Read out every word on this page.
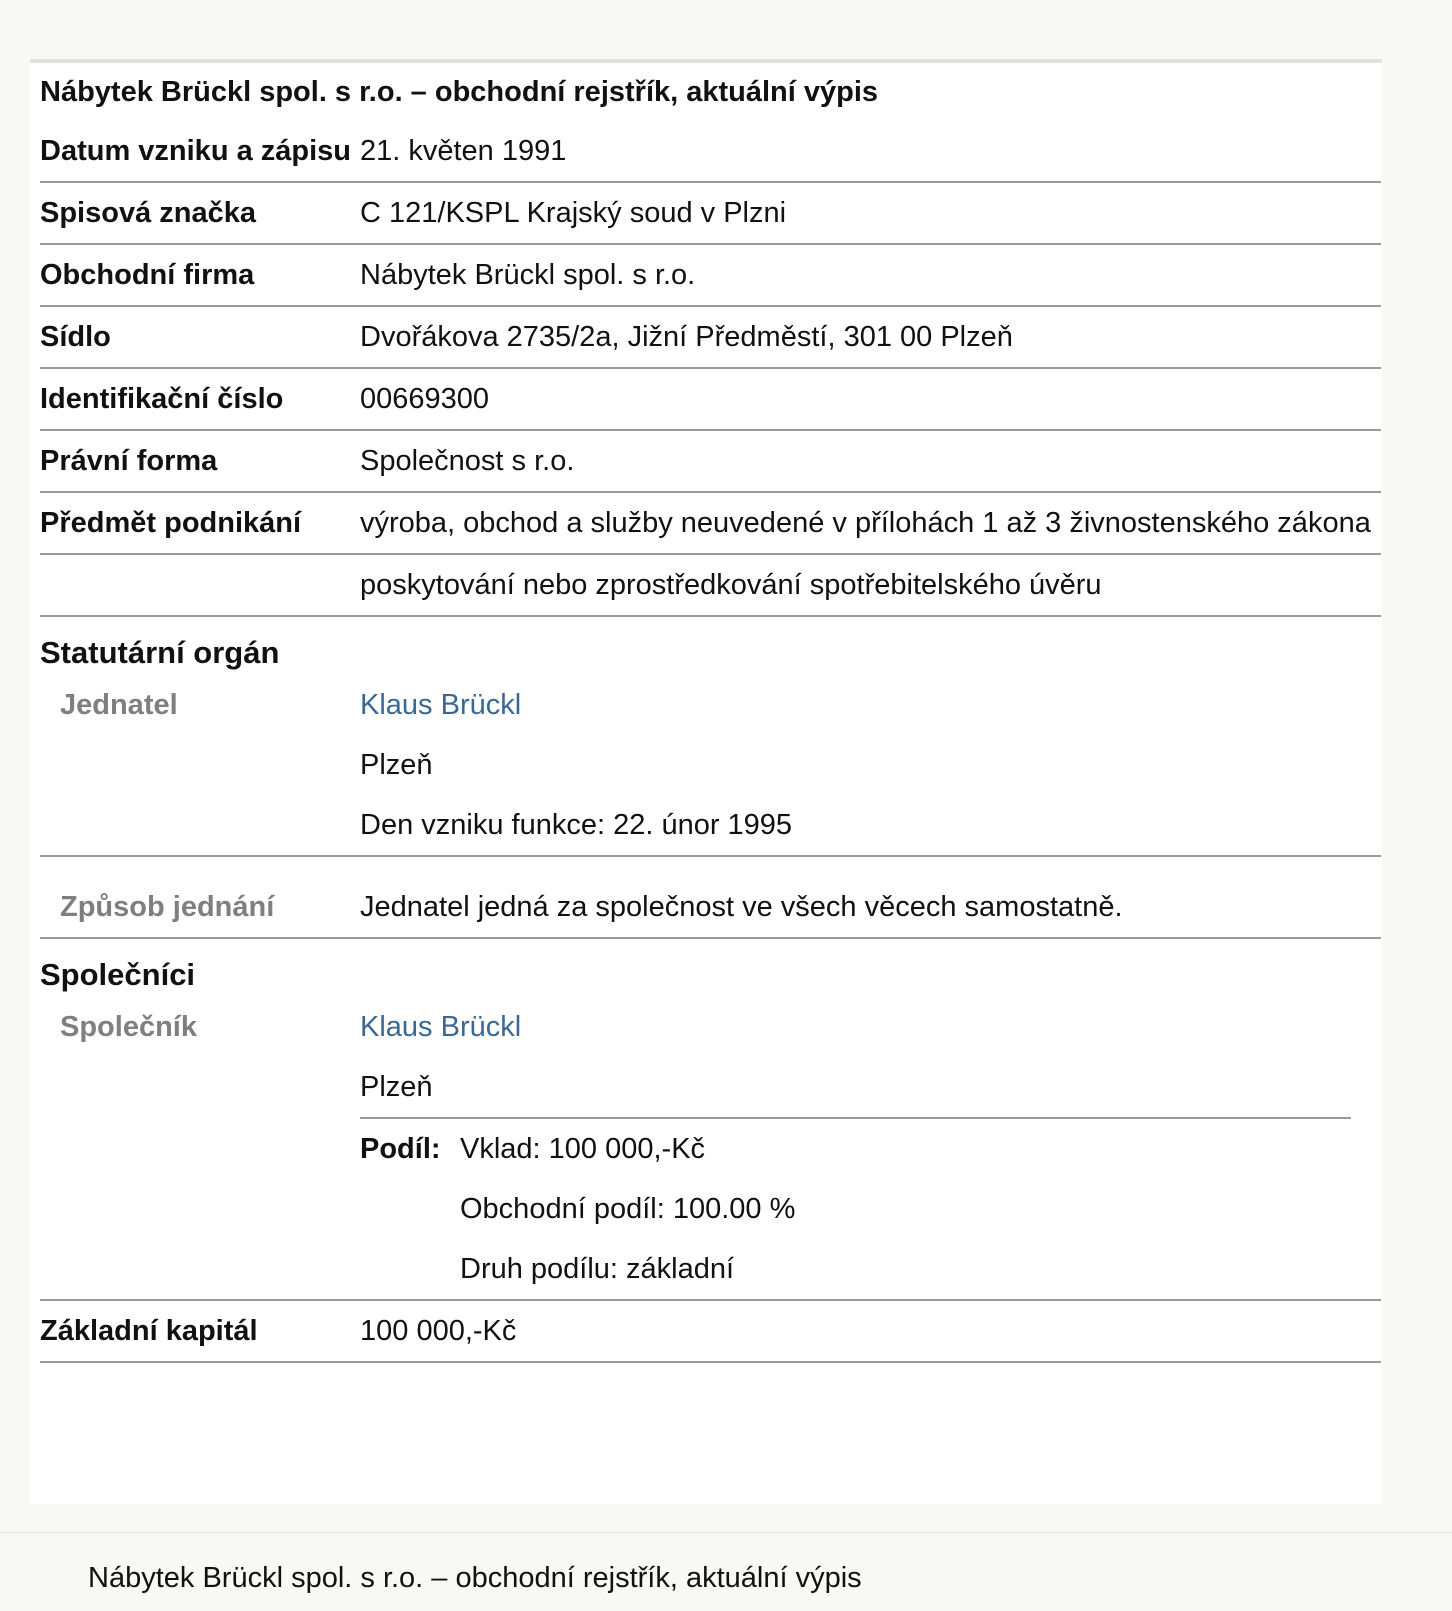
Nábytek Brückl spol. s r.o. – obchodní rejstřík, aktuální výpis
Datum vzniku a zápisu 21. květen 1991
Spisová značka	C 121/KSPL Krajský soud v Plzni
Obchodní firma	Nábytek Brückl spol. s r.o.
Sídlo	Dvořákova 2735/2a, Jižní Předměstí, 301 00 Plzeň
Identifikační číslo	00669300
Právní forma	Společnost s r.o.
Předmět podnikání	výroba, obchod a služby neuvedené v přílohách 1 až 3 živnostenského zákona
poskytování nebo zprostředkování spotřebitelského úvěru
Statutární orgán
Jednatel	Klaus Brückl
Plzeň
Den vzniku funkce: 22. únor 1995
Způsob jednání	Jednatel jedná za společnost ve všech věcech samostatně.
Společníci
Společník	Klaus Brückl
Plzeň
Podíl: Vklad: 100 000,-Kč
Obchodní podíl: 100.00 %
Druh podílu: základní
Základní kapitál	100 000,-Kč
Nábytek Brückl spol. s r.o. – obchodní rejstřík, aktuální výpis
